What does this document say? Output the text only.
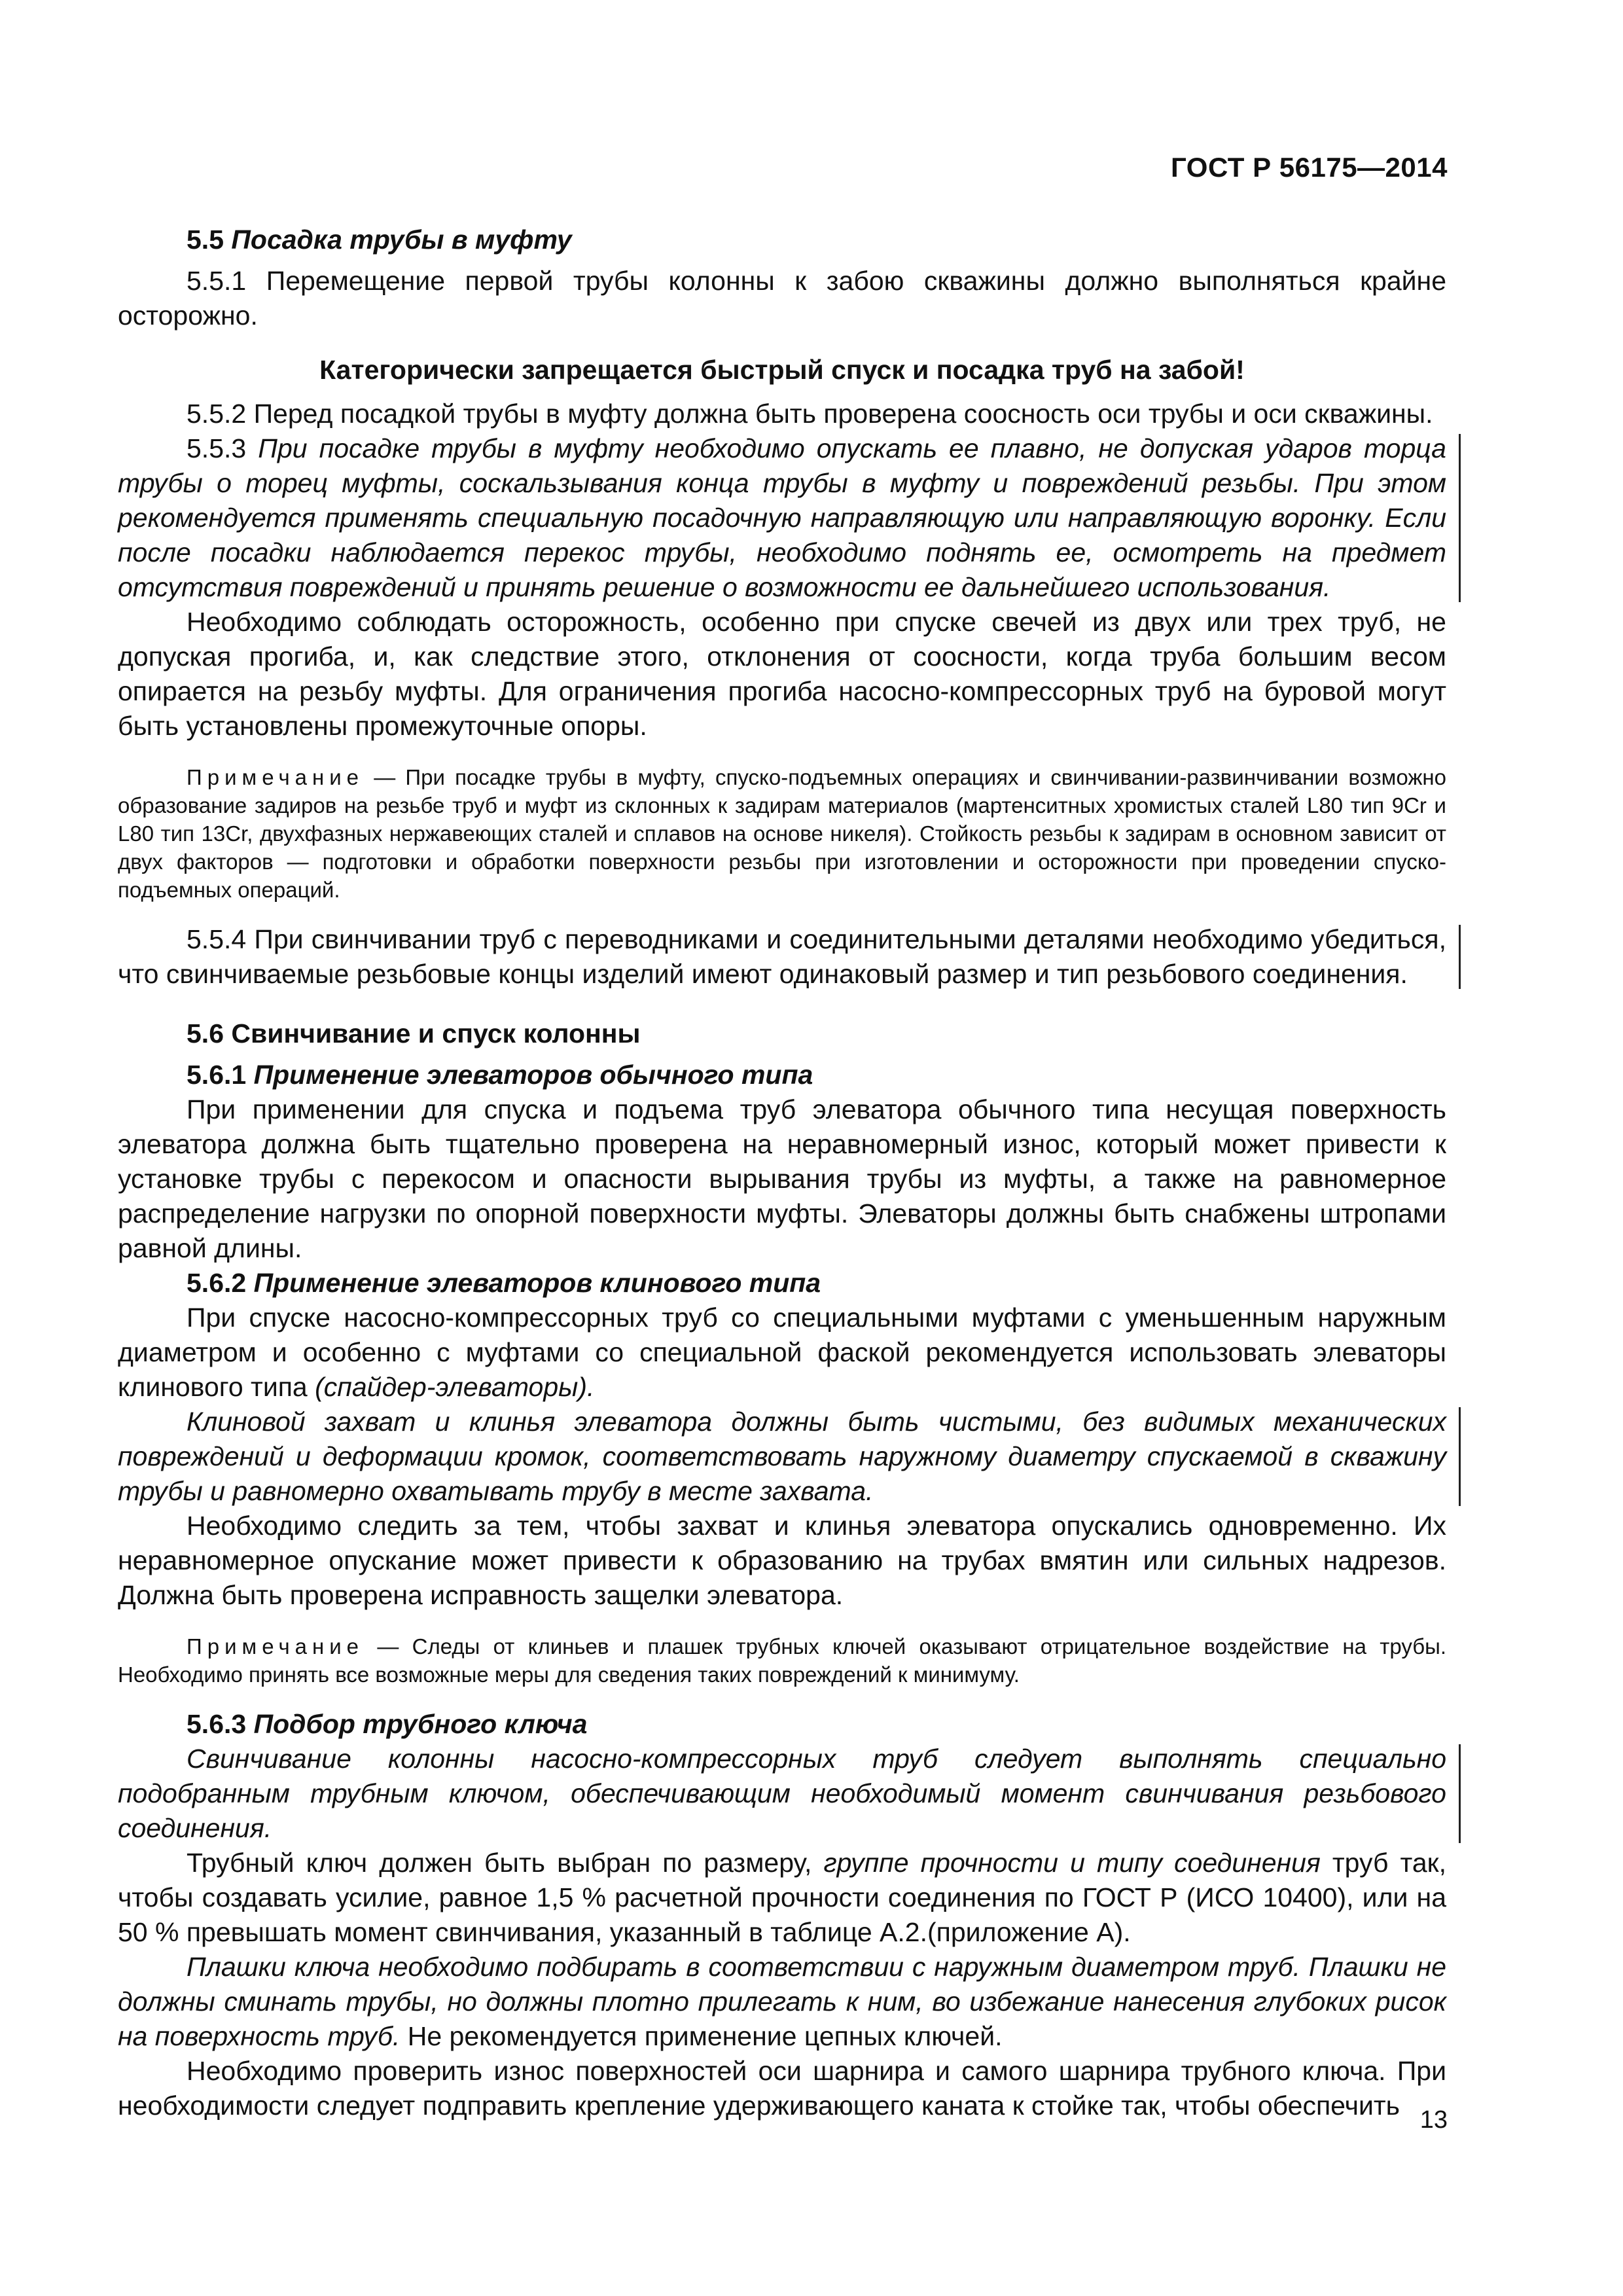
ГОСТ Р 56175—2014

5.5 Посадка трубы в муфту

5.5.1 Перемещение первой трубы колонны к забою скважины должно выполняться крайне осторожно.

Категорически запрещается быстрый спуск и посадка труб на забой!

5.5.2 Перед посадкой трубы в муфту должна быть проверена соосность оси трубы и оси скважины.

5.5.3 При посадке трубы в муфту необходимо опускать ее плавно, не допуская ударов торца трубы о торец муфты, соскальзывания конца трубы в муфту и повреждений резьбы. При этом рекомендуется применять специальную посадочную направляющую или направляющую воронку. Если после посадки наблюдается перекос трубы, необходимо поднять ее, осмотреть на предмет отсутствия повреждений и принять решение о возможности ее дальнейшего использования.

Необходимо соблюдать осторожность, особенно при спуске свечей из двух или трех труб, не допуская прогиба, и, как следствие этого, отклонения от соосности, когда труба большим весом опирается на резьбу муфты. Для ограничения прогиба насосно-компрессорных труб на буровой могут быть установлены промежуточные опоры.

Примечание — При посадке трубы в муфту, спуско-подъемных операциях и свинчивании-развинчивании возможно образование задиров на резьбе труб и муфт из склонных к задирам материалов (мартенситных хромистых сталей L80 тип 9Cr и L80 тип 13Cr, двухфазных нержавеющих сталей и сплавов на основе никеля). Стойкость резьбы к задирам в основном зависит от двух факторов — подготовки и обработки поверхности резьбы при изготовлении и осторожности при проведении спуско-подъемных операций.

5.5.4 При свинчивании труб с переводниками и соединительными деталями необходимо убедиться, что свинчиваемые резьбовые концы изделий имеют одинаковый размер и тип резьбового соединения.

5.6 Свинчивание и спуск колонны

5.6.1 Применение элеваторов обычного типа

При применении для спуска и подъема труб элеватора обычного типа несущая поверхность элеватора должна быть тщательно проверена на неравномерный износ, который может привести к установке трубы с перекосом и опасности вырывания трубы из муфты, а также на равномерное распределение нагрузки по опорной поверхности муфты. Элеваторы должны быть снабжены штропами равной длины.

5.6.2 Применение элеваторов клинового типа

При спуске насосно-компрессорных труб со специальными муфтами с уменьшенным наружным диаметром и особенно с муфтами со специальной фаской рекомендуется использовать элеваторы клинового типа (спайдер-элеваторы).

Клиновой захват и клинья элеватора должны быть чистыми, без видимых механических повреждений и деформации кромок, соответствовать наружному диаметру спускаемой в скважину трубы и равномерно охватывать трубу в месте захвата.

Необходимо следить за тем, чтобы захват и клинья элеватора опускались одновременно. Их неравномерное опускание может привести к образованию на трубах вмятин или сильных надрезов. Должна быть проверена исправность защелки элеватора.

Примечание — Следы от клиньев и плашек трубных ключей оказывают отрицательное воздействие на трубы. Необходимо принять все возможные меры для сведения таких повреждений к минимуму.

5.6.3 Подбор трубного ключа

Свинчивание колонны насосно-компрессорных труб следует выполнять специально подобранным трубным ключом, обеспечивающим необходимый момент свинчивания резьбового соединения.

Трубный ключ должен быть выбран по размеру, группе прочности и типу соединения труб так, чтобы создавать усилие, равное 1,5 % расчетной прочности соединения по ГОСТ Р (ИСО 10400), или на 50 % превышать момент свинчивания, указанный в таблице А.2.(приложение А).

Плашки ключа необходимо подбирать в соответствии с наружным диаметром труб. Плашки не должны сминать трубы, но должны плотно прилегать к ним, во избежание нанесения глубоких рисок на поверхность труб. Не рекомендуется применение цепных ключей.

Необходимо проверить износ поверхностей оси шарнира и самого шарнира трубного ключа. При необходимости следует подправить крепление удерживающего каната к стойке так, чтобы обеспечить 13
